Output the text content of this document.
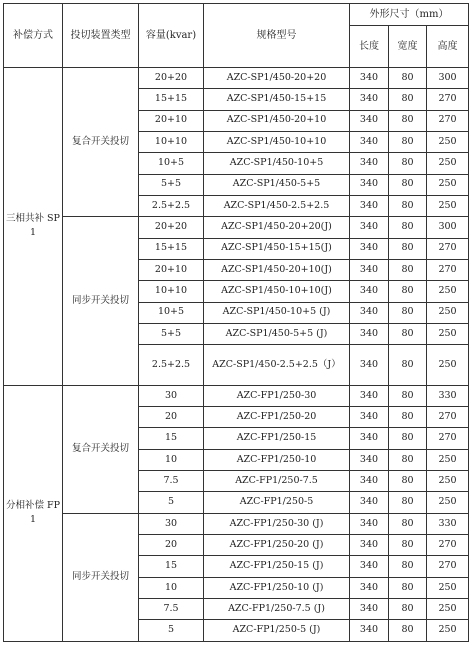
补偿方式	投切装置类型	容量(kvar)	规格型号	外形尺寸（mm）		
				长度	宽度	高度
三相共补 SP1	复合开关投切	20+20	AZC-SP1/450-20+20	340	80	300
		15+15	AZC-SP1/450-15+15	340	80	270
		20+10	AZC-SP1/450-20+10	340	80	270
		10+10	AZC-SP1/450-10+10	340	80	250
		10+5	AZC-SP1/450-10+5	340	80	250
		5+5	AZC-SP1/450-5+5	340	80	250
		2.5+2.5	AZC-SP1/450-2.5+2.5	340	80	250
	同步开关投切	20+20	AZC-SP1/450-20+20(J)	340	80	300
		15+15	AZC-SP1/450-15+15(J)	340	80	270
		20+10	AZC-SP1/450-20+10(J)	340	80	270
		10+10	AZC-SP1/450-10+10(J)	340	80	250
		10+5	AZC-SP1/450-10+5 (J)	340	80	250
		5+5	AZC-SP1/450-5+5 (J)	340	80	250
		2.5+2.5	AZC-SP1/450-2.5+2.5（J）	340	80	250
分相补偿 FP1	复合开关投切	30	AZC-FP1/250-30	340	80	330
		20	AZC-FP1/250-20	340	80	270
		15	AZC-FP1/250-15	340	80	270
		10	AZC-FP1/250-10	340	80	250
		7.5	AZC-FP1/250-7.5	340	80	250
		5	AZC-FP1/250-5	340	80	250
	同步开关投切	30	AZC-FP1/250-30 (J)	340	80	330
		20	AZC-FP1/250-20 (J)	340	80	270
		15	AZC-FP1/250-15 (J)	340	80	270
		10	AZC-FP1/250-10 (J)	340	80	250
		7.5	AZC-FP1/250-7.5 (J)	340	80	250
		5	AZC-FP1/250-5 (J)	340	80	250
